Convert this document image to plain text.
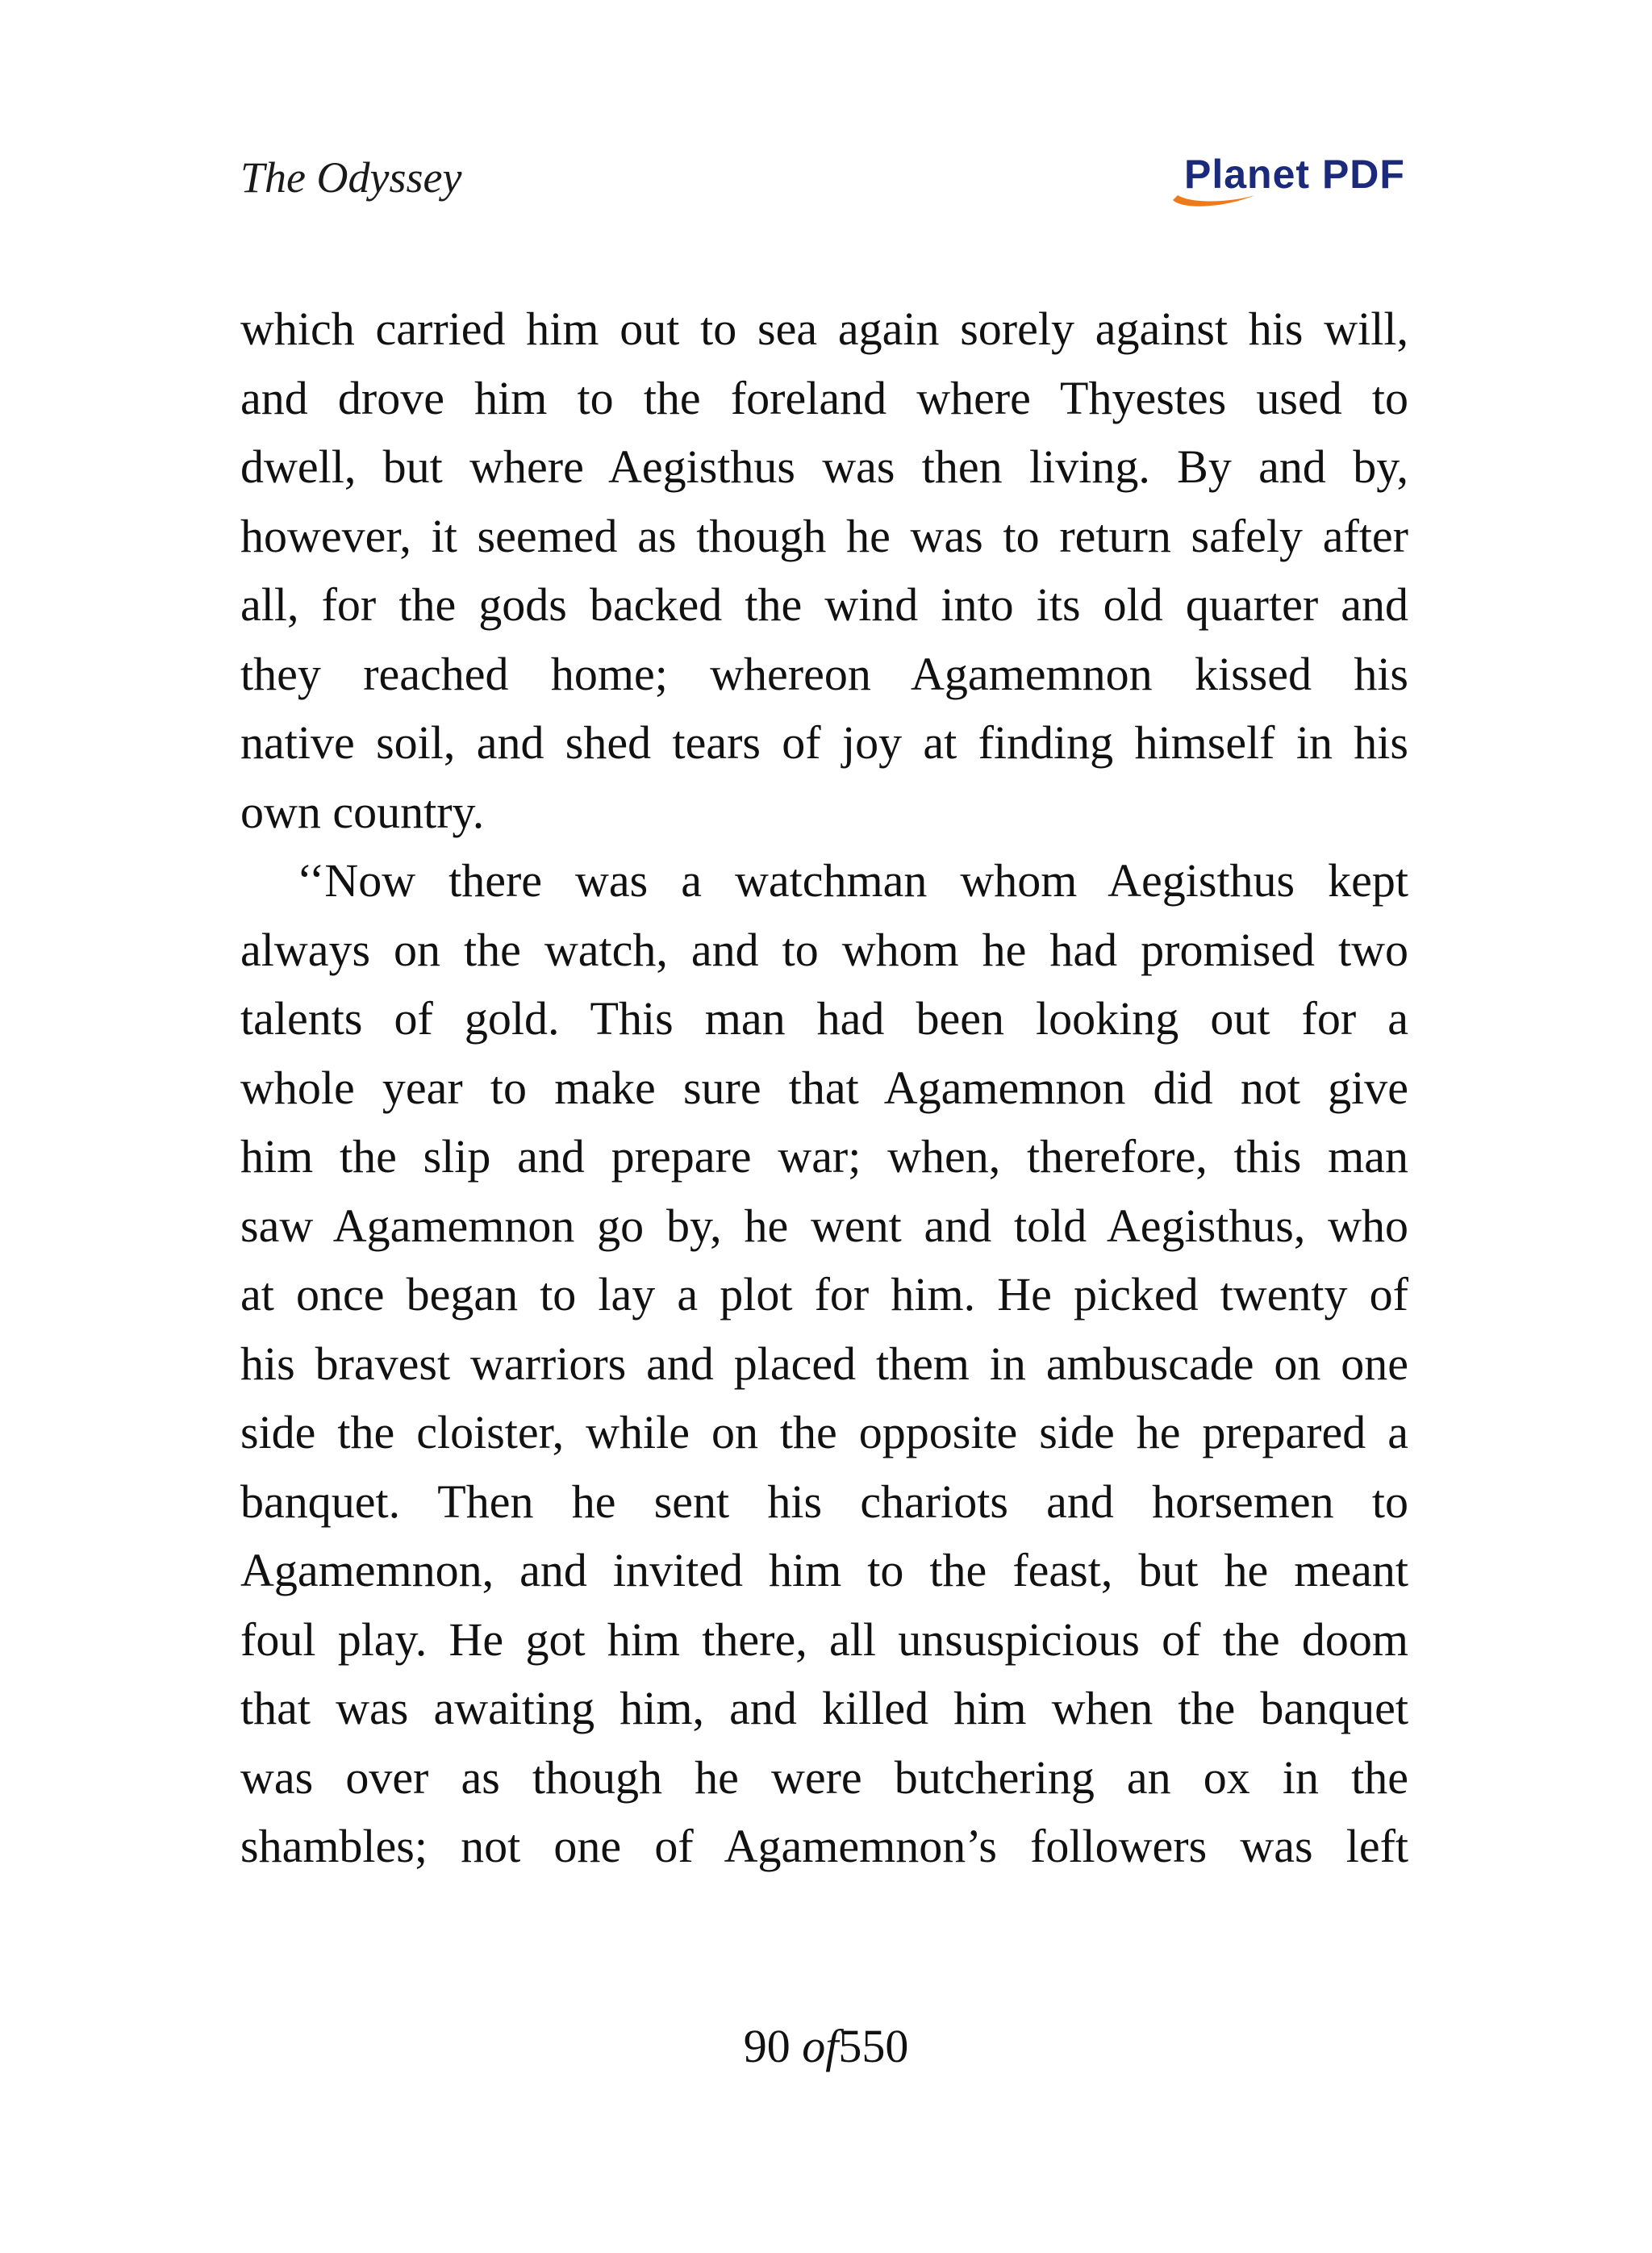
The Odyssey	Planet PDF
which carried him out to sea again sorely against his will,
and drove him to the foreland where Thyestes used to
dwell, but where Aegisthus was then living. By and by,
however, it seemed as though he was to return safely after
all, for the gods backed the wind into its old quarter and
they reached home; whereon Agamemnon kissed his
native soil, and shed tears of joy at finding himself in his
own country.
‘‘Now there was a watchman whom Aegisthus kept
always on the watch, and to whom he had promised two
talents of gold. This man had been looking out for a
whole year to make sure that Agamemnon did not give
him the slip and prepare war; when, therefore, this man
saw Agamemnon go by, he went and told Aegisthus, who
at once began to lay a plot for him. He picked twenty of
his bravest warriors and placed them in ambuscade on one
side the cloister, while on the opposite side he prepared a
banquet. Then he sent his chariots and horsemen to
Agamemnon, and invited him to the feast, but he meant
foul play. He got him there, all unsuspicious of the doom
that was awaiting him, and killed him when the banquet
was over as though he were butchering an ox in the
shambles; not one of Agamemnon’s followers was left
90 of550
